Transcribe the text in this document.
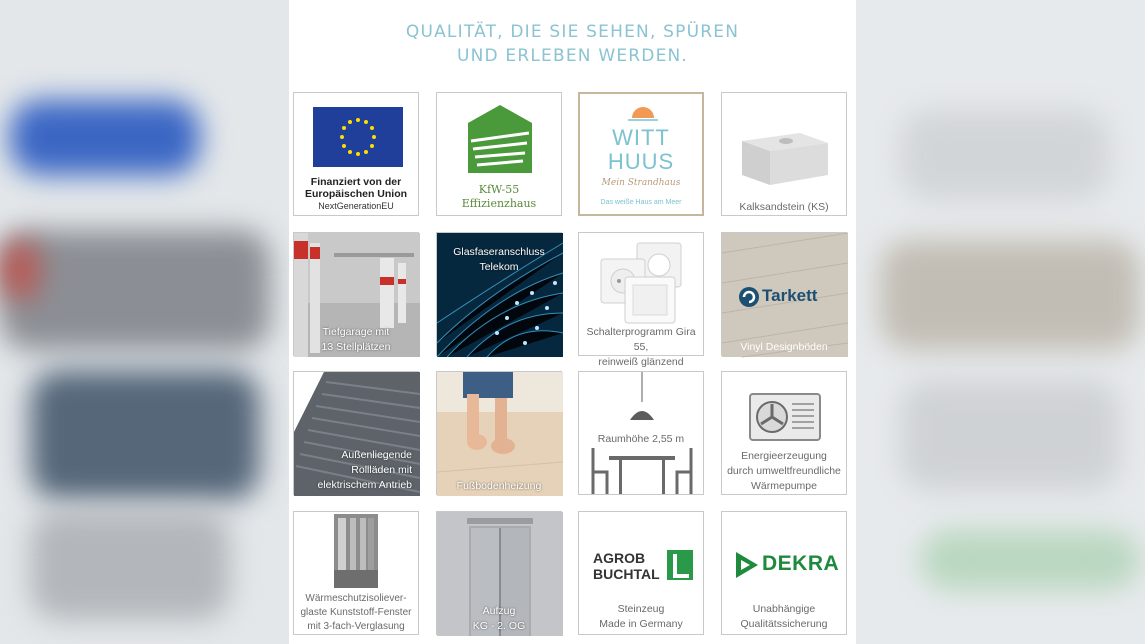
QUALITÄT, DIE SIE SEHEN, SPÜREN
UND ERLEBEN WERDEN.
Finanziert von der
Europäischen Union
NextGenerationEU
KfW-55
Effizienzhaus
WITT
HUUS
Mein Strandhaus
Das weiße Haus am Meer	Kalksandstein (KS)
Tiefgarage mit
13 Stellplätzen
Glasfaseranschluss
Telekom
Schalterprogramm Gira 55,
reinweiß glänzend
Tarkett
Vinyl Designböden
Außenliegende
Rollläden mit
elektrischem Antrieb	Fußbodenheizung
Raumhöhe 2,55 m
Energieerzeugung
durch umweltfreundliche
Wärmepumpe
Wärmeschutzisoliever-
glaste Kunststoff-Fenster
mit 3-fach-Verglasung
Aufzug
KG - 2. OG
AGROB
BUCHTAL
Steinzeug
Made in Germany
DEKRA
Unabhängige
Qualitätssicherung
